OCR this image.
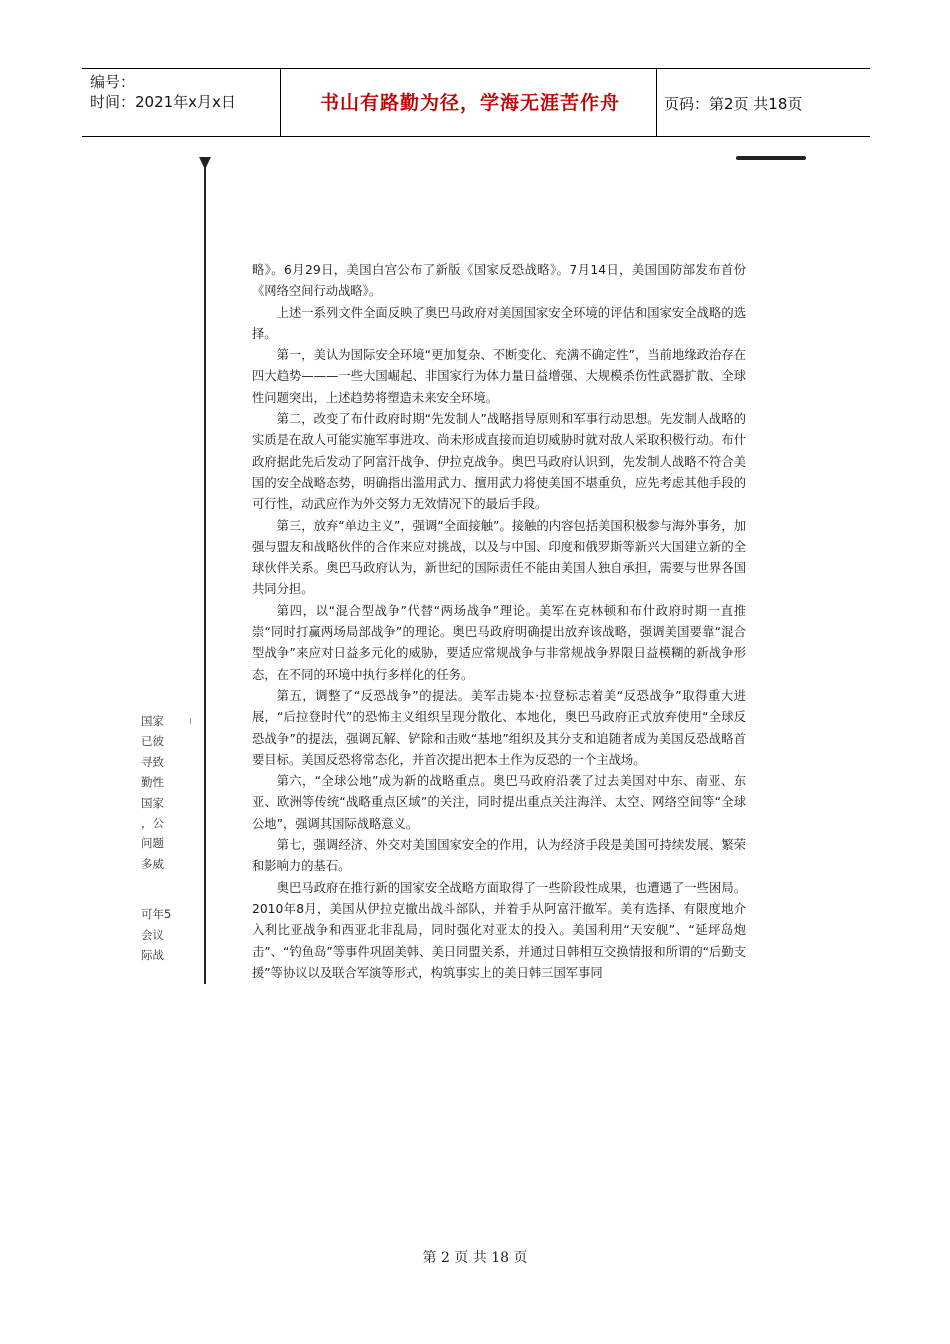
编号：
时间：2021年x月x日	书山有路勤为径，学海无涯苦作舟	页码：第2页 共18页
国家
已彼
寻致
勤性
国家
，公
问题
多威
可年5
会议
际战

略》。6月29日，美国白宫公布了新版《国家反恐战略》。7月14日，美国国防部发布首份《网络空间行动战略》。

上述一系列文件全面反映了奥巴马政府对美国国家安全环境的评估和国家安全战略的选择。

第一，美认为国际安全环境“更加复杂、不断变化、充满不确定性”，当前地缘政治存在四大趋势———一些大国崛起、非国家行为体力量日益增强、大规模杀伤性武器扩散、全球性问题突出，上述趋势将塑造未来安全环境。

第二，改变了布什政府时期“先发制人”战略指导原则和军事行动思想。先发制人战略的实质是在敌人可能实施军事进攻、尚未形成直接而迫切威胁时就对敌人采取积极行动。布什政府据此先后发动了阿富汗战争、伊拉克战争。奥巴马政府认识到，先发制人战略不符合美国的安全战略态势，明确指出滥用武力、擅用武力将使美国不堪重负，应先考虑其他手段的可行性，动武应作为外交努力无效情况下的最后手段。

第三，放弃“单边主义”，强调“全面接触”。接触的内容包括美国积极参与海外事务，加强与盟友和战略伙伴的合作来应对挑战，以及与中国、印度和俄罗斯等新兴大国建立新的全球伙伴关系。奥巴马政府认为，新世纪的国际责任不能由美国人独自承担，需要与世界各国共同分担。

第四，以“混合型战争”代替“两场战争”理论。美军在克林顿和布什政府时期一直推崇“同时打赢两场局部战争”的理论。奥巴马政府明确提出放弃该战略，强调美国要靠“混合型战争”来应对日益多元化的威胁，要适应常规战争与非常规战争界限日益模糊的新战争形态，在不同的环境中执行多样化的任务。

第五，调整了“反恐战争”的提法。美军击毙本·拉登标志着美“反恐战争”取得重大进展，“后拉登时代”的恐怖主义组织呈现分散化、本地化，奥巴马政府正式放弃使用“全球反恐战争”的提法，强调瓦解、铲除和击败“基地”组织及其分支和追随者成为美国反恐战略首要目标。美国反恐将常态化，并首次提出把本土作为反恐的一个主战场。

第六，“全球公地”成为新的战略重点。奥巴马政府沿袭了过去美国对中东、南亚、东亚、欧洲等传统“战略重点区域”的关注，同时提出重点关注海洋、太空、网络空间等“全球公地”，强调其国际战略意义。

第七，强调经济、外交对美国国家安全的作用，认为经济手段是美国可持续发展、繁荣和影响力的基石。

奥巴马政府在推行新的国家安全战略方面取得了一些阶段性成果，也遭遇了一些困局。2010年8月，美国从伊拉克撤出战斗部队，并着手从阿富汗撤军。美有选择、有限度地介入利比亚战争和西亚北非乱局，同时强化对亚太的投入。美国利用“天安舰”、“延坪岛炮击”、“钓鱼岛”等事件巩固美韩、美日同盟关系，并通过日韩相互交换情报和所谓的“后勤支援”等协议以及联合军演等形式，构筑事实上的美日韩三国军事同

第 2 页 共 18 页
